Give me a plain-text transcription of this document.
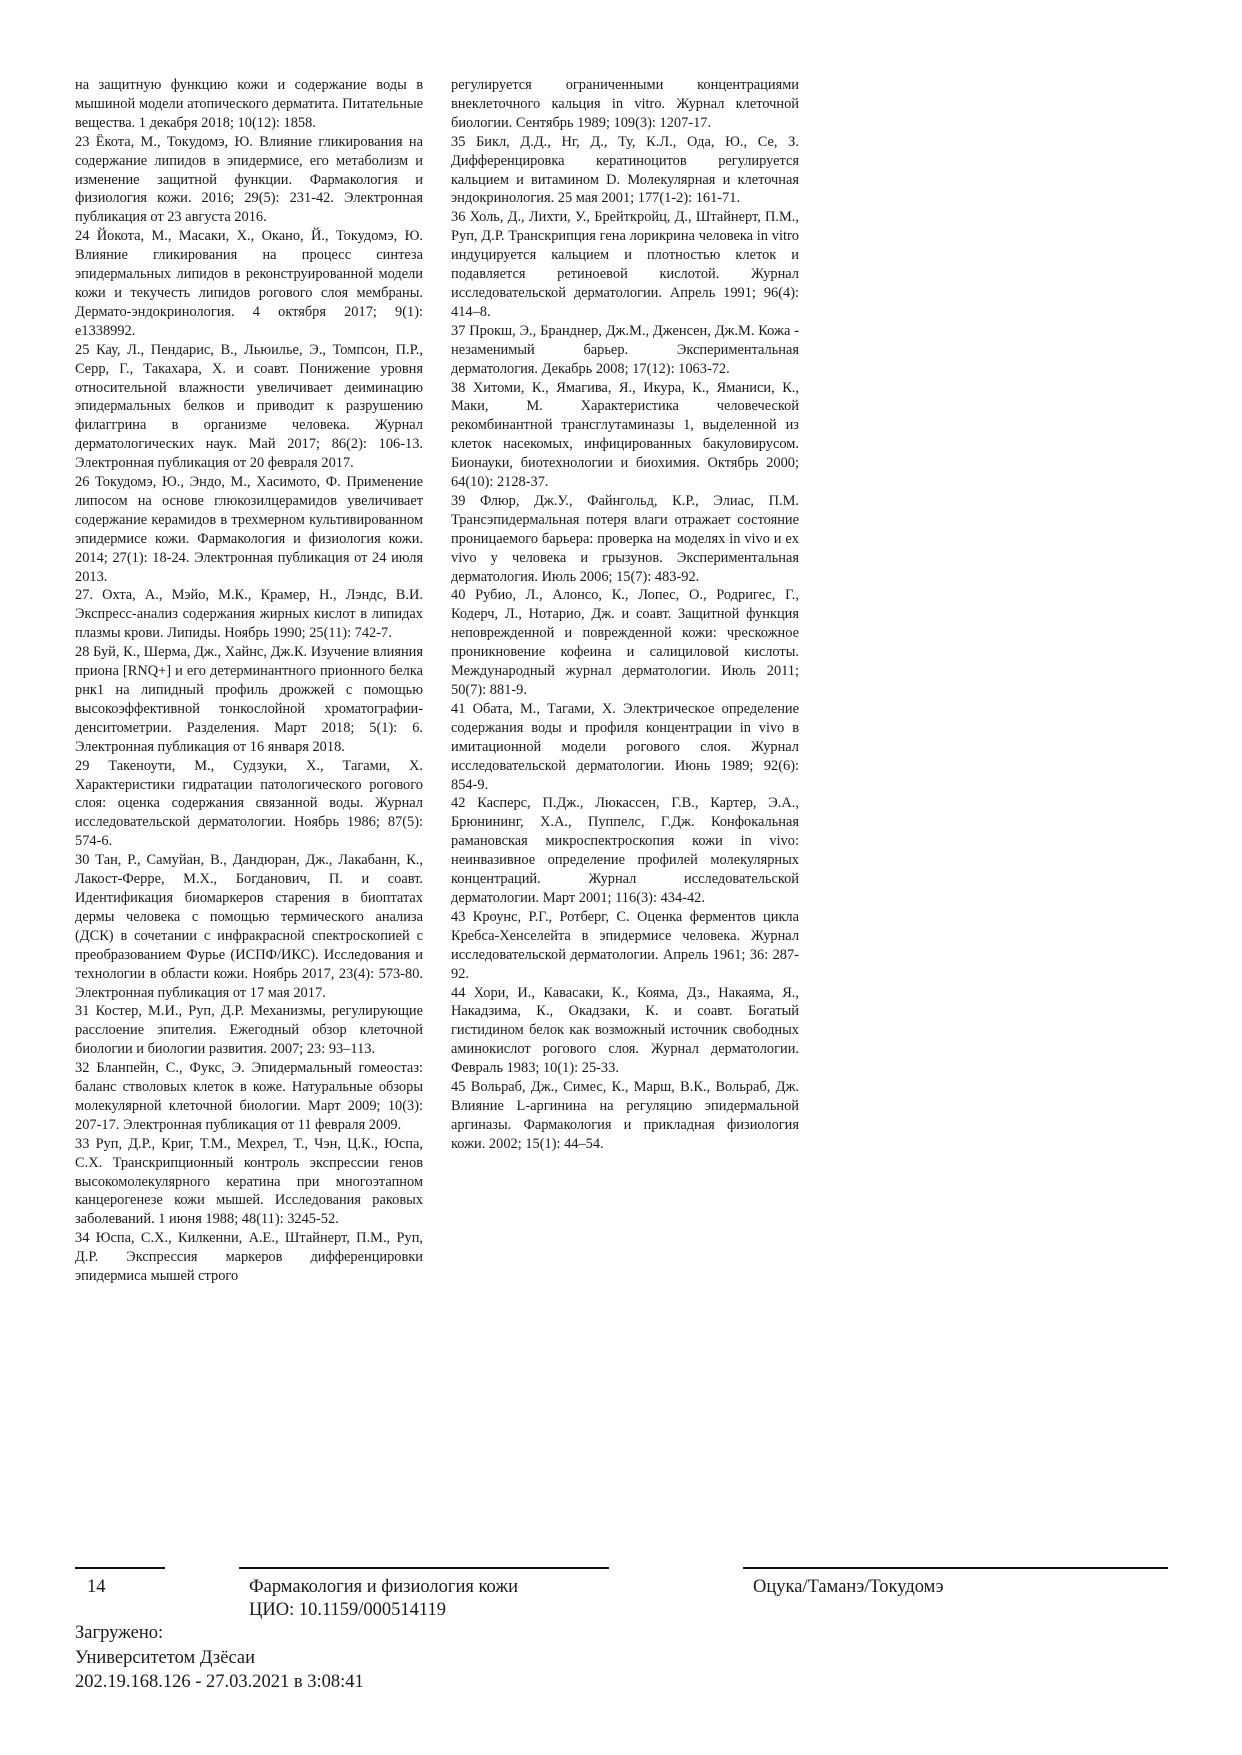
на защитную функцию кожи и содержание воды в мышиной модели атопического дерматита. Питательные вещества. 1 декабря 2018; 10(12): 1858.

23 Ёкота, М., Токудомэ, Ю. Влияние гликирования на содержание липидов в эпидермисе, его метаболизм и изменение защитной функции. Фармакология и физиология кожи. 2016; 29(5): 231-42. Электронная публикация от 23 августа 2016.

24 Йокота, М., Масаки, Х., Окано, Й., Токудомэ, Ю. Влияние гликирования на процесс синтеза эпидермальных липидов в реконструированной модели кожи и текучесть липидов рогового слоя мембраны. Дермато-эндокринология. 4 октября 2017; 9(1): e1338992.

25 Кау, Л., Пендарис, В., Льюильe, Э., Томпсон, П.Р., Серр, Г., Такахара, Х. и соавт. Понижение уровня относительной влажности увеличивает деиминацию эпидермальных белков и приводит к разрушению филаггрина в организме человека. Журнал дерматологических наук. Май 2017; 86(2): 106-13. Электронная публикация от 20 февраля 2017.

26 Токудомэ, Ю., Эндо, М., Хасимото, Ф. Применение липосом на основе глюкозилцерамидов увеличивает содержание керамидов в трехмерном культивированном эпидермисе кожи. Фармакология и физиология кожи. 2014; 27(1): 18-24. Электронная публикация от 24 июля 2013.

27. Охта, А., Мэйо, М.К., Крамер, Н., Лэндс, В.И. Экспресс-анализ содержания жирных кислот в липидах плазмы крови. Липиды. Ноябрь 1990; 25(11): 742-7.

28 Буй, К., Шерма, Дж., Хайнс, Дж.К. Изучение влияния приона [RNQ+] и его детерминантного прионного белка рнк1 на липидный профиль дрожжей с помощью высокоэффективной тонкослойной хроматографии-денситометрии. Разделения. Март 2018; 5(1): 6. Электронная публикация от 16 января 2018.

29 Такеноути, М., Судзуки, Х., Тагами, Х. Характеристики гидратации патологического рогового слоя: оценка содержания связанной воды. Журнал исследовательской дерматологии. Ноябрь 1986; 87(5): 574-6.

30 Тан, Р., Самуйан, В., Дандюран, Дж., Лакабанн, К., Лакост-Ферре, М.Х., Богданович, П. и соавт. Идентификация биомаркеров старения в биоптатах дермы человека с помощью термического анализа (ДСК) в сочетании с инфракрасной спектроскопией с преобразованием Фурье (ИСПФ/ИКС). Исследования и технологии в области кожи. Ноябрь 2017, 23(4): 573-80. Электронная публикация от 17 мая 2017.

31 Костер, М.И., Руп, Д.Р. Механизмы, регулирующие расслоение эпителия. Ежегодный обзор клеточной биологии и биологии развития. 2007; 23: 93–113.

32 Бланпейн, С., Фукс, Э. Эпидермальный гомеостаз: баланс стволовых клеток в коже. Натуральные обзоры молекулярной клеточной биологии. Март 2009; 10(3): 207-17. Электронная публикация от 11 февраля 2009.

33 Руп, Д.Р., Криг, Т.М., Мехрел, Т., Чэн, Ц.К., Юспа, С.Х. Транскрипционный контроль экспрессии генов высокомолекулярного кератина при многоэтапном канцерогенезе кожи мышей. Исследования раковых заболеваний. 1 июня 1988; 48(11): 3245-52.

34 Юспа, С.Х., Килкенни, А.Е., Штайнерт, П.М., Руп, Д.Р. Экспрессия маркеров дифференцировки эпидермиса мышей строго

регулируется ограниченными концентрациями внеклеточного кальция in vitro. Журнал клеточной биологии. Сентябрь 1989; 109(3): 1207-17.

35 Бикл, Д.Д., Нг, Д., Ту, К.Л., Ода, Ю., Се, З. Дифференцировка кератиноцитов регулируется кальцием и витамином D. Молекулярная и клеточная эндокринология. 25 мая 2001; 177(1-2): 161-71.

36 Холь, Д., Лихти, У., Брейткройц, Д., Штайнерт, П.М., Руп, Д.Р. Транскрипция гена лорикрина человека in vitro индуцируется кальцием и плотностью клеток и подавляется ретиноевой кислотой. Журнал исследовательской дерматологии. Апрель 1991; 96(4): 414–8.

37 Прокш, Э., Бранднер, Дж.М., Дженсен, Дж.М. Кожа - незаменимый барьер. Экспериментальная дерматология. Декабрь 2008; 17(12): 1063-72.

38 Хитоми, К., Ямагива, Я., Икура, К., Яманиси, К., Маки, М. Характеристика человеческой рекомбинантной трансглутаминазы 1, выделенной из клеток насекомых, инфицированных бакуловирусом. Бионауки, биотехнологии и биохимия. Октябрь 2000; 64(10): 2128-37.

39 Флюр, Дж.У., Файнгольд, К.Р., Элиас, П.М. Трансэпидермальная потеря влаги отражает состояние проницаемого барьера: проверка на моделях in vivo и ex vivo у человека и грызунов. Экспериментальная дерматология. Июль 2006; 15(7): 483-92.

40 Рубио, Л., Алонсо, К., Лопес, О., Родригес, Г., Кодерч, Л., Нотарио, Дж. и соавт. Защитной функция неповрежденной и поврежденной кожи: чрескожное проникновение кофеина и салициловой кислоты. Международный журнал дерматологии. Июль 2011; 50(7): 881-9.

41 Обата, М., Тагами, Х. Электрическое определение содержания воды и профиля концентрации in vivo в имитационной модели рогового слоя. Журнал исследовательской дерматологии. Июнь 1989; 92(6): 854-9.

42 Касперс, П.Дж., Люкассен, Г.В., Картер, Э.А., Брюнининг, Х.А., Пуппелс, Г.Дж. Конфокальная рамановская микроспектроскопия кожи in vivo: неинвазивное определение профилей молекулярных концентраций. Журнал исследовательской дерматологии. Март 2001; 116(3): 434-42.

43 Кроунс, Р.Г., Ротберг, С. Оценка ферментов цикла Кребса-Хенселейта в эпидермисе человека. Журнал исследовательской дерматологии. Апрель 1961; 36: 287-92.

44 Хори, И., Кавасаки, К., Кояма, Дз., Накаяма, Я., Накадзима, К., Окадзаки, К. и соавт. Богатый гистидином белок как возможный источник свободных аминокислот рогового слоя. Журнал дерматологии. Февраль 1983; 10(1): 25-33.

45 Вольраб, Дж., Симес, К., Марш, В.К., Вольраб, Дж. Влияние L-аргинина на регуляцию эпидермальной аргиназы. Фармакология и прикладная физиология кожи. 2002; 15(1): 44–54.

14	Фармакология и физиология кожи
ЦИО: 10.1159/000514119
Оцука/Таманэ/Токудомэ
Загружено:
Университетом Дзёсаи
202.19.168.126 - 27.03.2021 в 3:08:41
